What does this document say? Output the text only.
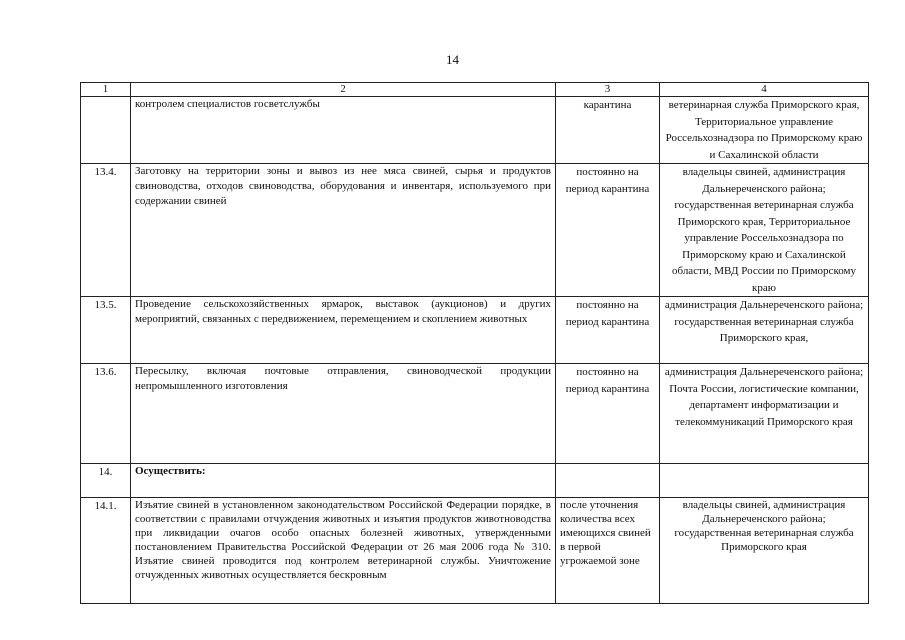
14
1	2	3	4
	контролем специалистов госветслужбы	карантина	ветеринарная служба Приморского края, Территориальное управление Россельхознадзора по Приморскому краю и Сахалинской области
13.4.	Заготовку на территории зоны и вывоз из нее мяса свиней, сырья и продуктов свиноводства, отходов свиноводства, оборудования и инвентаря, используемого при содержании свиней	постоянно на период карантина	владельцы свиней, администрация Дальнереченского района; государственная ветеринарная служба Приморского края, Территориальное управление Россельхознадзора по Приморскому краю и Сахалинской области, МВД России по Приморскому краю
13.5.	Проведение сельскохозяйственных ярмарок, выставок (аукционов) и других мероприятий, связанных с передвижением, перемещением и скоплением животных	постоянно на период карантина	администрация Дальнереченского района; государственная ветеринарная служба Приморского края,
13.6.	Пересылку, включая почтовые отправления, свиноводческой продукции непромышленного изготовления	постоянно на период карантина	администрация Дальнереченского района; Почта России, логистические компании, департамент информатизации и телекоммуникаций Приморского края
14.	Осуществить:		
14.1.	Изъятие свиней в установленном законодательством Российской Федерации порядке, в соответствии с правилами отчуждения животных и изъятия продуктов животноводства при ликвидации очагов особо опасных болезней животных, утвержденными постановлением Правительства Российской Федерации от 26 мая 2006 года № 310. Изъятие свиней проводится под контролем ветеринарной службы. Уничтожение отчужденных животных осуществляется бескровным	после уточнения количества всех имеющихся свиней в первой угрожаемой зоне	владельцы свиней, администрация Дальнереченского района; государственная ветеринарная служба Приморского края
